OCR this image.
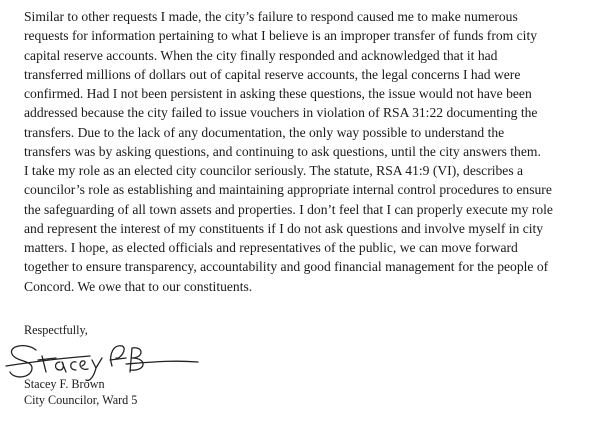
Similar to other requests I made, the city’s failure to respond caused me to make numerous
requests for information pertaining to what I believe is an improper transfer of funds from city
capital reserve accounts. When the city finally responded and acknowledged that it had
transferred millions of dollars out of capital reserve accounts, the legal concerns I had were
confirmed. Had I not been persistent in asking these questions, the issue would not have been
addressed because the city failed to issue vouchers in violation of RSA 31:22 documenting the
transfers. Due to the lack of any documentation, the only way possible to understand the
transfers was by asking questions, and continuing to ask questions, until the city answers them.

I take my role as an elected city councilor seriously. The statute, RSA 41:9 (VI), describes a
councilor’s role as establishing and maintaining appropriate internal control procedures to ensure
the safeguarding of all town assets and properties. I don’t feel that I can properly execute my role
and represent the interest of my constituents if I do not ask questions and involve myself in city
matters. I hope, as elected officials and representatives of the public, we can move forward
together to ensure transparency, accountability and good financial management for the people of
Concord. We owe that to our constituents.

Respectfully,
Stacey F. Brown
City Councilor, Ward 5
